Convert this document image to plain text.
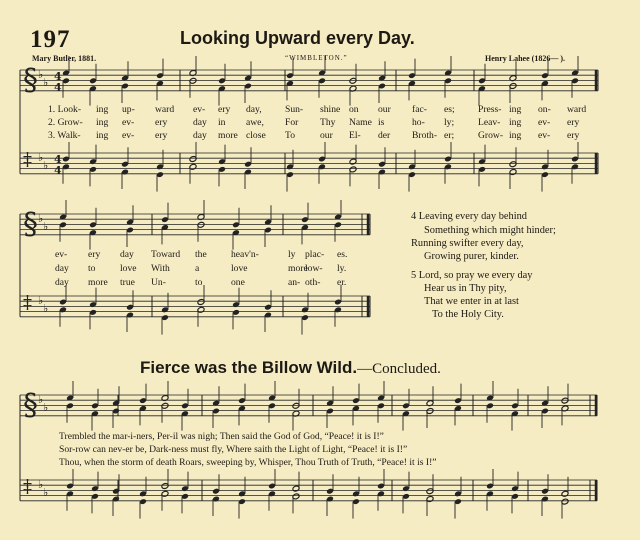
197	Looking Upward every Day.
Mary Butler, 1881.	“WIMBLETON.”	Henry Lahee (1826— ).
§
‡
♭
♭
♭
♭
4
4
4
4
§
‡
♭
♭
♭
♭
§
‡
♭
♭
♭
♭
1. Look- ing up- ward ev- ery day, Sun- shine on our fac- es; Press- ing on- ward
2. Grow- ing ev- ery	day in awe, For Thy Name is	ho- ly; Leav- ing ev- ery
3. Walk- ing ev- ery	day more close To	our El- der Broth- er; Grow- ing ev- ery
ev- ery day Toward the	heav'n-	ly plac- es.
day to	love With	a	love	more
low- ly.
day more true Un-	to	one	an- oth- er.
4 Leaving every day behind
Something which might hinder;
Running swifter every day,
Growing purer, kinder.
5 Lord, so pray we every day
Hear us in Thy pity,
That we enter in at last
To the Holy City.
Fierce was the Billow Wild.—Concluded.
Trembled the mar-i-ners, Per-il was nigh; Then said the God of God, “Peace! it is I!”
Sor-row can nev-er be, Dark-ness must fly, Where saith the Light of Light, “Peace! it is I!”
Thou, when the storm of death Roars, sweeping by, Whisper, Thou Truth of Truth, “Peace! it is I!”
